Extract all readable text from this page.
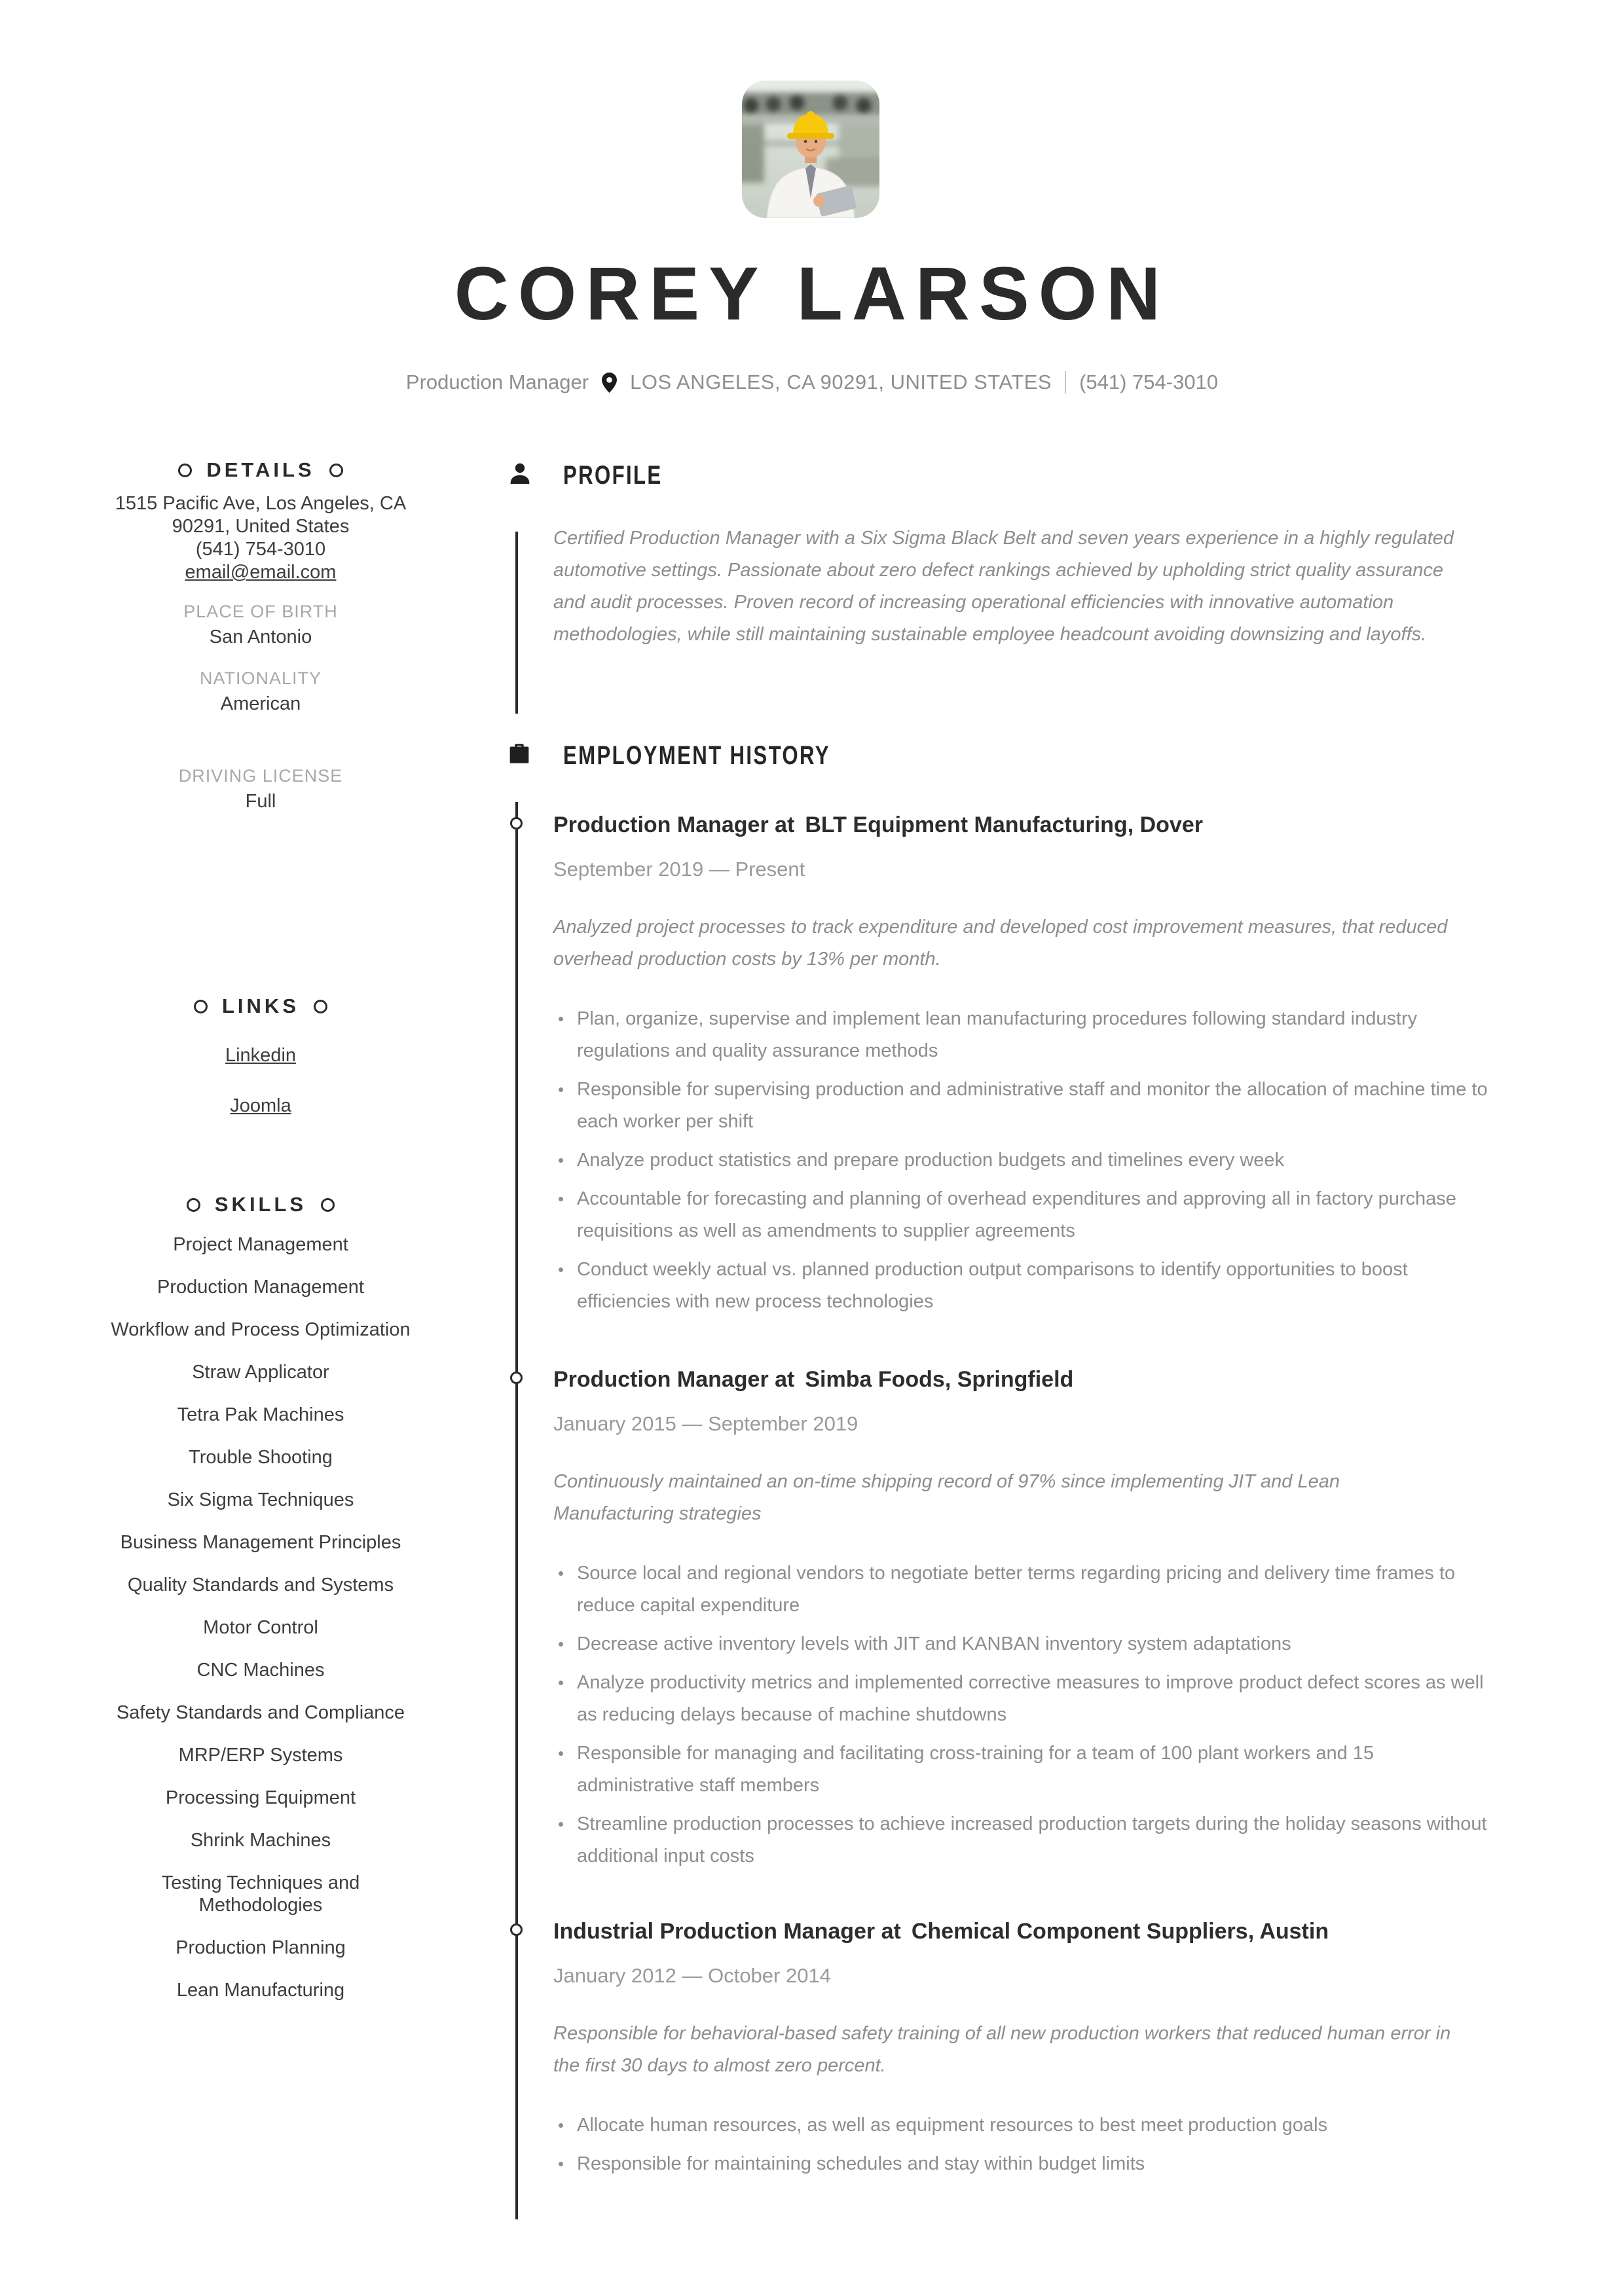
COREY LARSON
Production Manager LOS ANGELES, CA 90291, UNITED STATES (541) 754-3010
DETAILS
1515 Pacific Ave, Los Angeles, CA
90291, United States
(541) 754-3010
email@email.com
PLACE OF BIRTH
San Antonio
NATIONALITY
American
DRIVING LICENSE
Full
LINKS
Linkedin
Joomla
SKILLS
Project Management
Production Management
Workflow and Process Optimization
Straw Applicator
Tetra Pak Machines
Trouble Shooting
Six Sigma Techniques
Business Management Principles
Quality Standards and Systems
Motor Control
CNC Machines
Safety Standards and Compliance
MRP/ERP Systems
Processing Equipment
Shrink Machines
Testing Techniques and Methodologies
Production Planning
Lean Manufacturing
PROFILE
Certified Production Manager with a Six Sigma Black Belt and seven years experience in a highly regulated automotive settings. Passionate about zero defect rankings achieved by upholding strict quality assurance and audit processes. Proven record of increasing operational efficiencies with innovative automation methodologies, while still maintaining sustainable employee headcount avoiding downsizing and layoffs.
EMPLOYMENT HISTORY
Production Manager at BLT Equipment Manufacturing, Dover
September 2019 — Present
Analyzed project processes to track expenditure and developed cost improvement measures, that reduced overhead production costs by 13% per month.
Plan, organize, supervise and implement lean manufacturing procedures following standard industry regulations and quality assurance methods
Responsible for supervising production and administrative staff and monitor the allocation of machine time to each worker per shift
Analyze product statistics and prepare production budgets and timelines every week
Accountable for forecasting and planning of overhead expenditures and approving all in factory purchase requisitions as well as amendments to supplier agreements
Conduct weekly actual vs. planned production output comparisons to identify opportunities to boost efficiencies with new process technologies
Production Manager at Simba Foods, Springfield
January 2015 — September 2019
Continuously maintained an on-time shipping record of 97% since implementing JIT and Lean Manufacturing strategies
Source local and regional vendors to negotiate better terms regarding pricing and delivery time frames to reduce capital expenditure
Decrease active inventory levels with JIT and KANBAN inventory system adaptations
Analyze productivity metrics and implemented corrective measures to improve product defect scores as well as reducing delays because of machine shutdowns
Responsible for managing and facilitating cross-training for a team of 100 plant workers and 15 administrative staff members
Streamline production processes to achieve increased production targets during the holiday seasons without additional input costs
Industrial Production Manager at Chemical Component Suppliers, Austin
January 2012 — October 2014
Responsible for behavioral-based safety training of all new production workers that reduced human error in the first 30 days to almost zero percent.
Allocate human resources, as well as equipment resources to best meet production goals
Responsible for maintaining schedules and stay within budget limits
